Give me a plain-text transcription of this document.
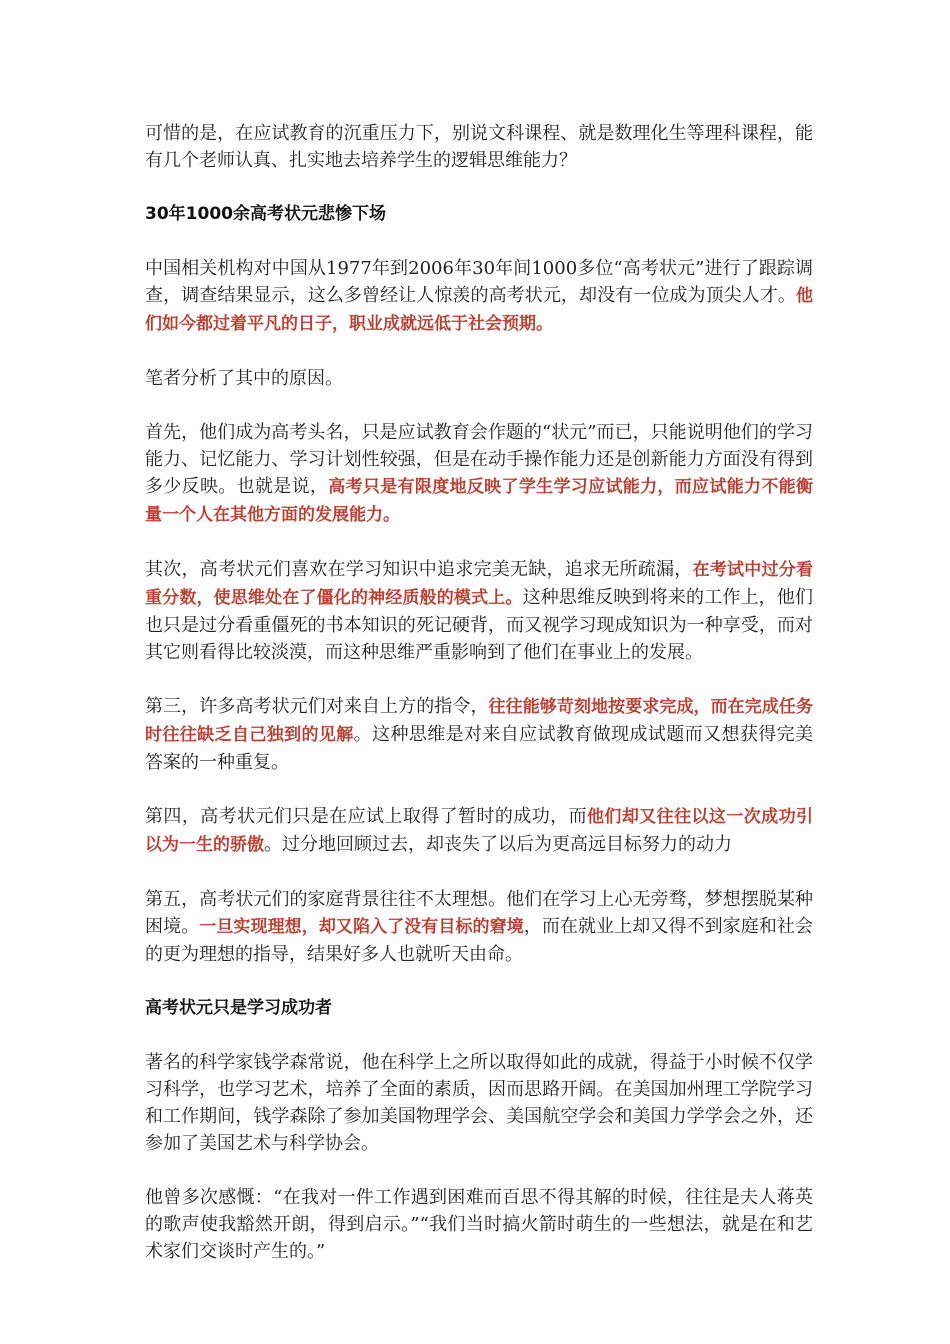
可惜的是，在应试教育的沉重压力下，别说文科课程、就是数理化生等理科课程，能有几个老师认真、扎实地去培养学生的逻辑思维能力？

30年1000余高考状元悲惨下场

中国相关机构对中国从1977年到2006年30年间1000多位“高考状元”进行了跟踪调查，调查结果显示，这么多曾经让人惊羡的高考状元，却没有一位成为顶尖人才。他们如今都过着平凡的日子，职业成就远低于社会预期。

笔者分析了其中的原因。

首先，他们成为高考头名，只是应试教育会作题的“状元”而已，只能说明他们的学习能力、记忆能力、学习计划性较强，但是在动手操作能力还是创新能力方面没有得到多少反映。也就是说，高考只是有限度地反映了学生学习应试能力，而应试能力不能衡量一个人在其他方面的发展能力。

其次，高考状元们喜欢在学习知识中追求完美无缺，追求无所疏漏，在考试中过分看重分数，使思维处在了僵化的神经质般的模式上。这种思维反映到将来的工作上，他们也只是过分看重僵死的书本知识的死记硬背，而又视学习现成知识为一种享受，而对其它则看得比较淡漠，而这种思维严重影响到了他们在事业上的发展。

第三，许多高考状元们对来自上方的指令，往往能够苛刻地按要求完成，而在完成任务时往往缺乏自己独到的见解。这种思维是对来自应试教育做现成试题而又想获得完美答案的一种重复。

第四，高考状元们只是在应试上取得了暂时的成功，而他们却又往往以这一次成功引以为一生的骄傲。过分地回顾过去，却丧失了以后为更高远目标努力的动力

第五，高考状元们的家庭背景往往不太理想。他们在学习上心无旁骛，梦想摆脱某种困境。一旦实现理想，却又陷入了没有目标的窘境，而在就业上却又得不到家庭和社会的更为理想的指导，结果好多人也就听天由命。

高考状元只是学习成功者

著名的科学家钱学森常说，他在科学上之所以取得如此的成就，得益于小时候不仅学习科学，也学习艺术，培养了全面的素质，因而思路开阔。在美国加州理工学院学习和工作期间，钱学森除了参加美国物理学会、美国航空学会和美国力学学会之外，还参加了美国艺术与科学协会。

他曾多次感慨：“在我对一件工作遇到困难而百思不得其解的时候，往往是夫人蒋英的歌声使我豁然开朗，得到启示。”“我们当时搞火箭时萌生的一些想法，就是在和艺术家们交谈时产生的。”
